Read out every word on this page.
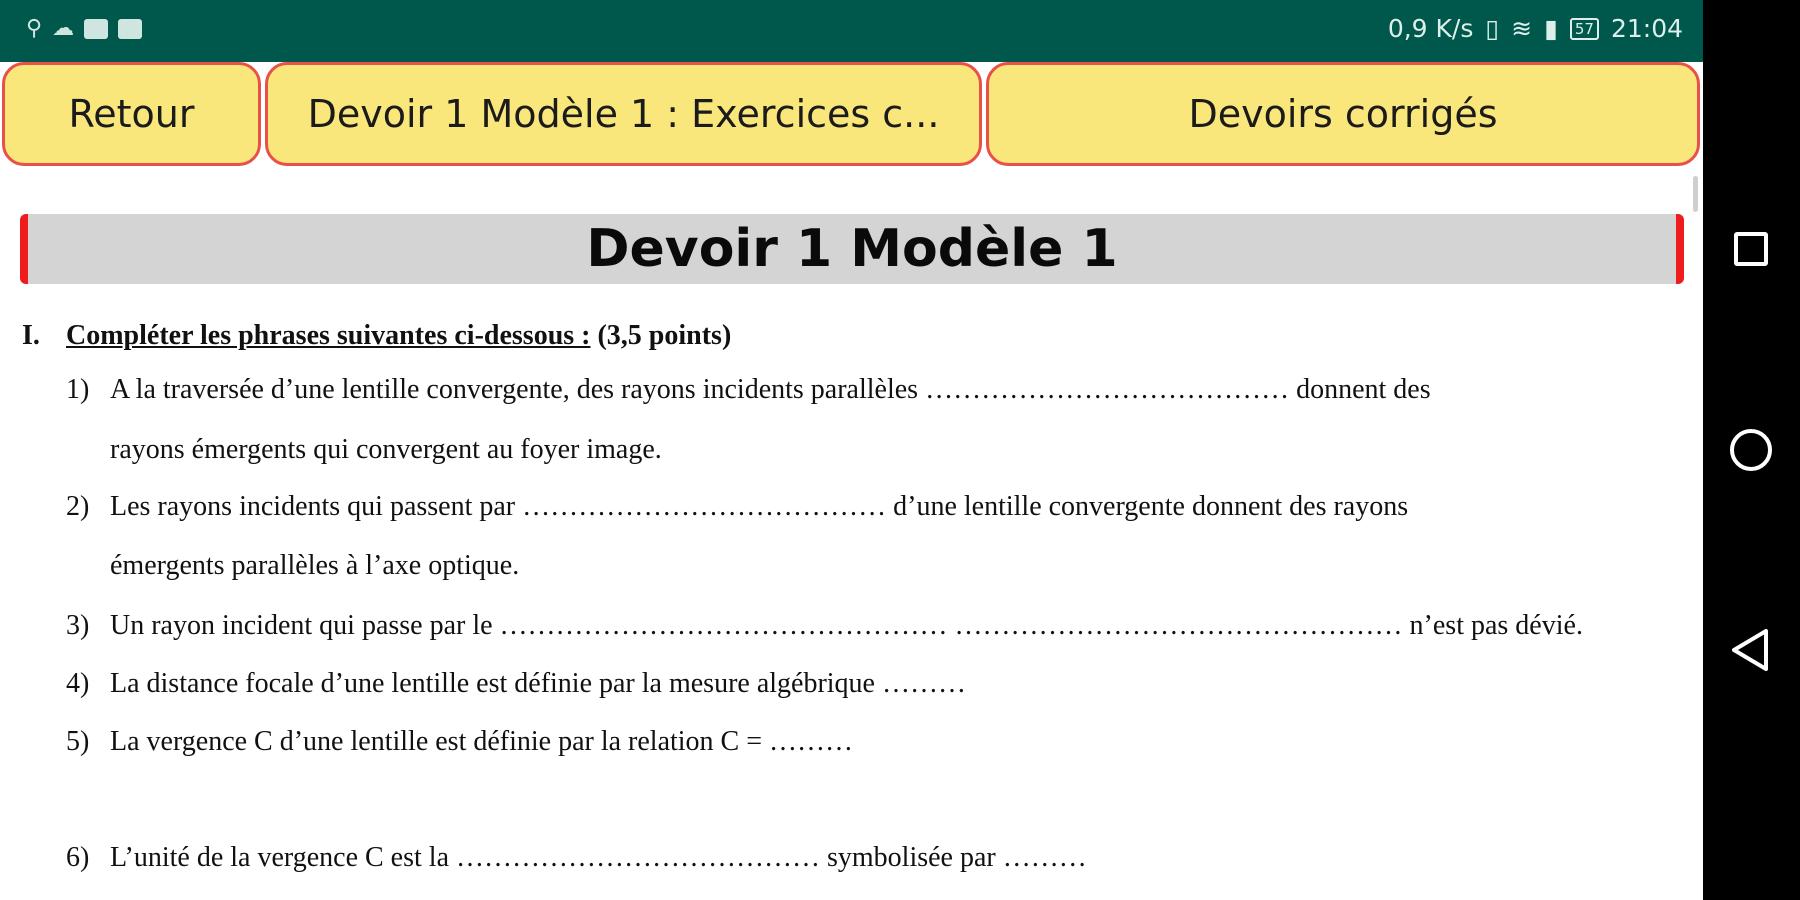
⚲ ☁	0,9 K/s ▯ ≋ ▮	57 21:04
Retour	Devoir 1 Modèle 1 : Exercices c...	Devoirs corrigés
Devoir 1 Modèle 1
I. Compléter les phrases suivantes ci-dessous : (3,5 points)
1) A la traversée d’une lentille convergente, des rayons incidents parallèles ………………………………… donnent des
rayons émergents qui convergent au foyer image.
2) Les rayons incidents qui passent par ………………………………… d’une lentille convergente donnent des rayons
émergents parallèles à l’axe optique.
3) Un rayon incident qui passe par le ………………………………………… ………………………………………… n’est pas dévié.
4) La distance focale d’une lentille est définie par la mesure algébrique ………
5) La vergence C d’une lentille est définie par la relation C = ………
6) L’unité de la vergence C est la ………………………………… symbolisée par ………
